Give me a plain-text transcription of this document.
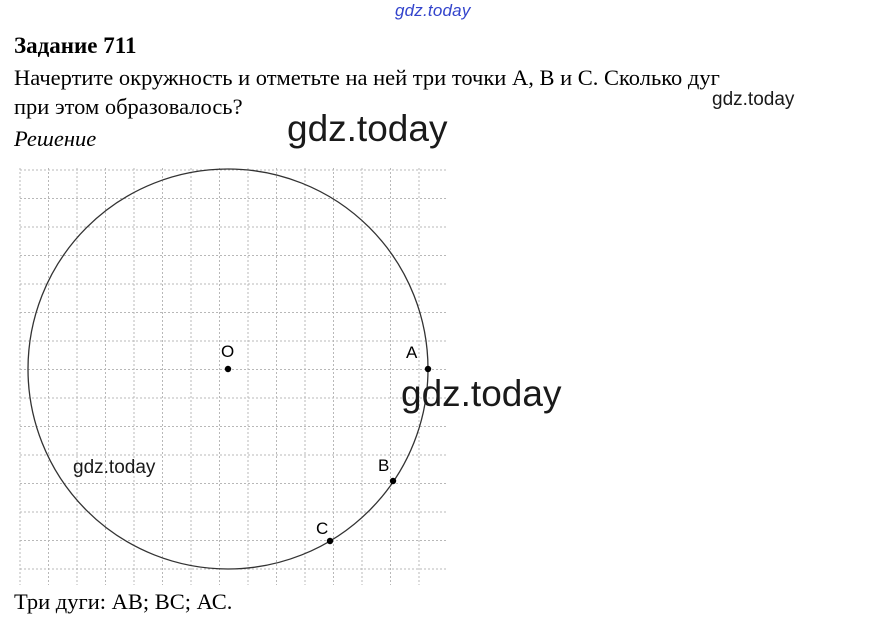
gdz.today
Задание 711
Начертите окружность и отметьте на ней три точки А, В и С. Сколько дуг
при этом образовалось?
Решение
O	A
B
C
gdz.today
gdz.today
gdz.today
gdz.today
Три дуги: АВ; ВС; АС.
